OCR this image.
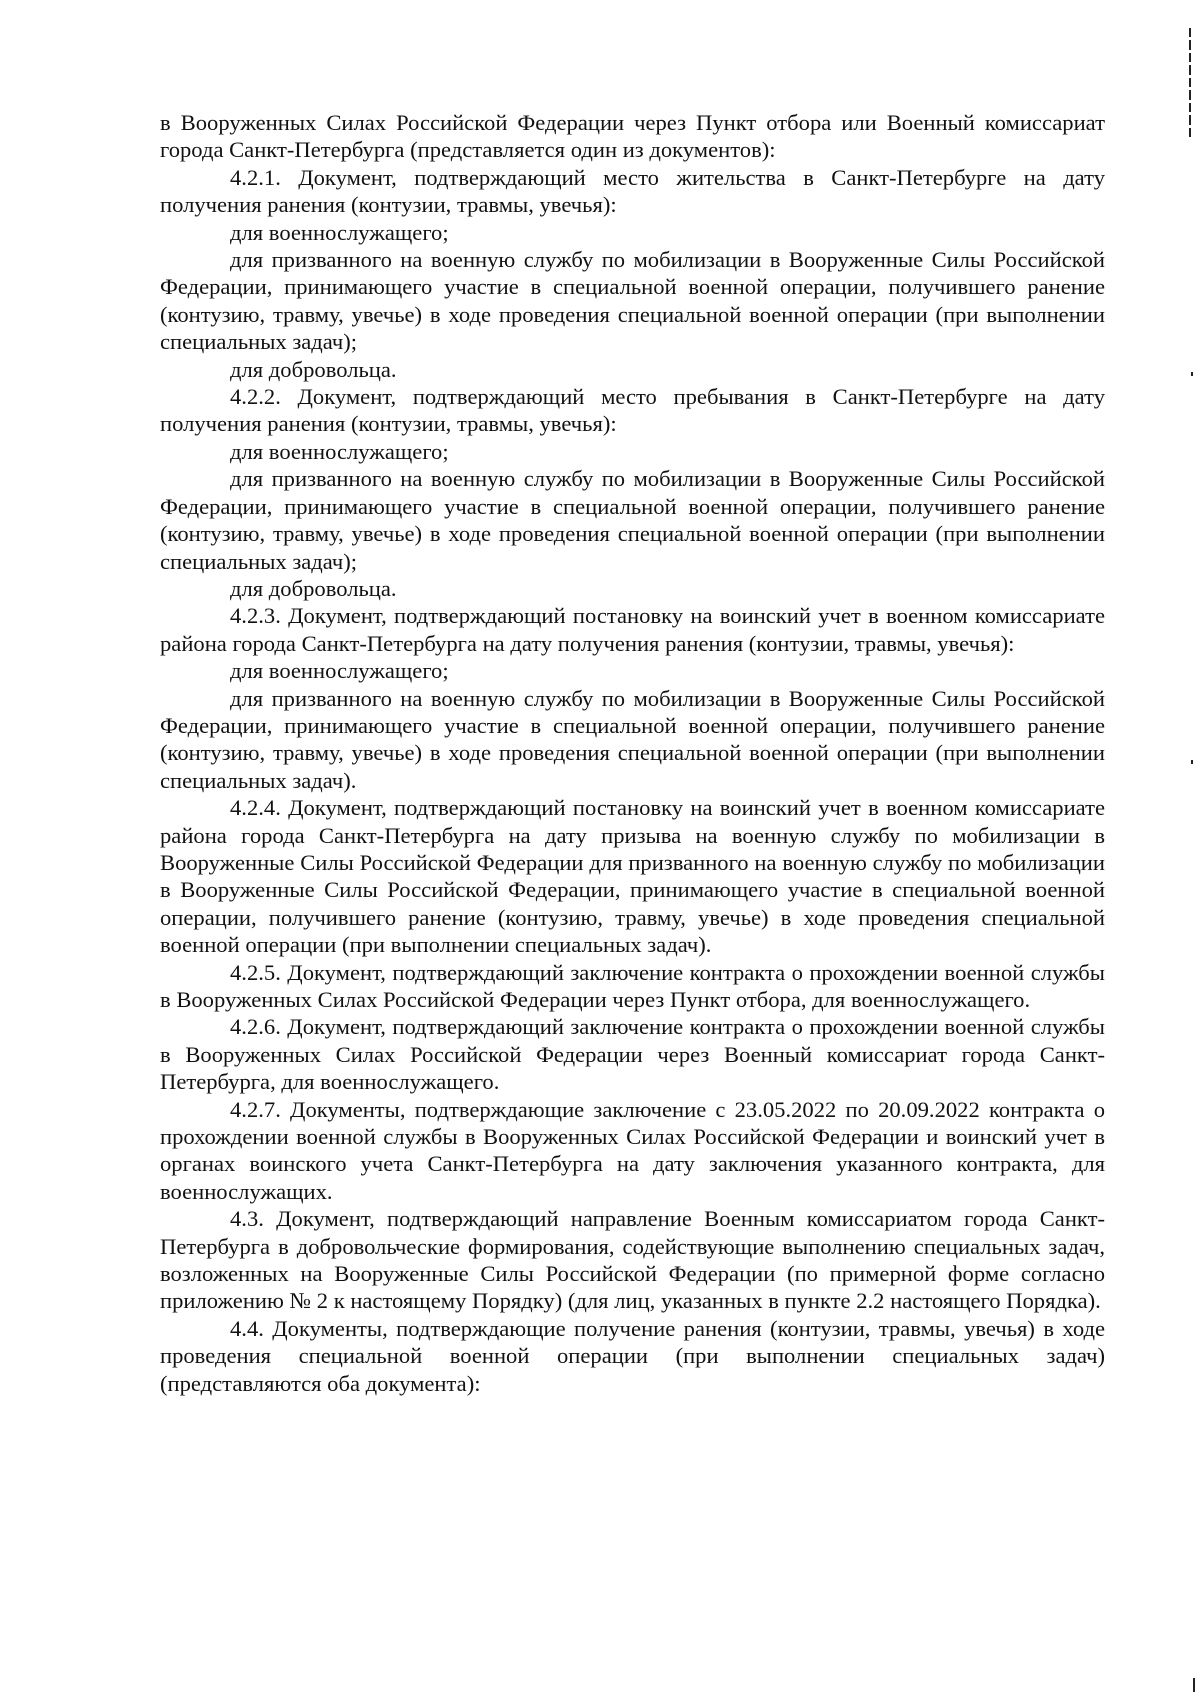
в Вооруженных Силах Российской Федерации через Пункт отбора или Военный комиссариат города Санкт-Петербурга (представляется один из документов):

4.2.1. Документ, подтверждающий место жительства в Санкт-Петербурге на дату получения ранения (контузии, травмы, увечья):

для военнослужащего;

для призванного на военную службу по мобилизации в Вооруженные Силы Российской Федерации, принимающего участие в специальной военной операции, получившего ранение (контузию, травму, увечье) в ходе проведения специальной военной операции (при выполнении специальных задач);

для добровольца.

4.2.2. Документ, подтверждающий место пребывания в Санкт-Петербурге на дату получения ранения (контузии, травмы, увечья):

для военнослужащего;

для призванного на военную службу по мобилизации в Вооруженные Силы Российской Федерации, принимающего участие в специальной военной операции, получившего ранение (контузию, травму, увечье) в ходе проведения специальной военной операции (при выполнении специальных задач);

для добровольца.

4.2.3. Документ, подтверждающий постановку на воинский учет в военном комиссариате района города Санкт-Петербурга на дату получения ранения (контузии, травмы, увечья):

для военнослужащего;

для призванного на военную службу по мобилизации в Вооруженные Силы Российской Федерации, принимающего участие в специальной военной операции, получившего ранение (контузию, травму, увечье) в ходе проведения специальной военной операции (при выполнении специальных задач).

4.2.4. Документ, подтверждающий постановку на воинский учет в военном комиссариате района города Санкт-Петербурга на дату призыва на военную службу по мобилизации в Вооруженные Силы Российской Федерации для призванного на военную службу по мобилизации в Вооруженные Силы Российской Федерации, принимающего участие в специальной военной операции, получившего ранение (контузию, травму, увечье) в ходе проведения специальной военной операции (при выполнении специальных задач).

4.2.5. Документ, подтверждающий заключение контракта о прохождении военной службы в Вооруженных Силах Российской Федерации через Пункт отбора, для военнослужащего.

4.2.6. Документ, подтверждающий заключение контракта о прохождении военной службы в Вооруженных Силах Российской Федерации через Военный комиссариат города Санкт-Петербурга, для военнослужащего.

4.2.7. Документы, подтверждающие заключение с 23.05.2022 по 20.09.2022 контракта о прохождении военной службы в Вооруженных Силах Российской Федерации и воинский учет в органах воинского учета Санкт-Петербурга на дату заключения указанного контракта, для военнослужащих.

4.3. Документ, подтверждающий направление Военным комиссариатом города Санкт-Петербурга в добровольческие формирования, содействующие выполнению специальных задач, возложенных на Вооруженные Силы Российской Федерации (по примерной форме согласно приложению № 2 к настоящему Порядку) (для лиц, указанных в пункте 2.2 настоящего Порядка).

4.4. Документы, подтверждающие получение ранения (контузии, травмы, увечья) в ходе проведения специальной военной операции (при выполнении специальных задач) (представляются оба документа):
